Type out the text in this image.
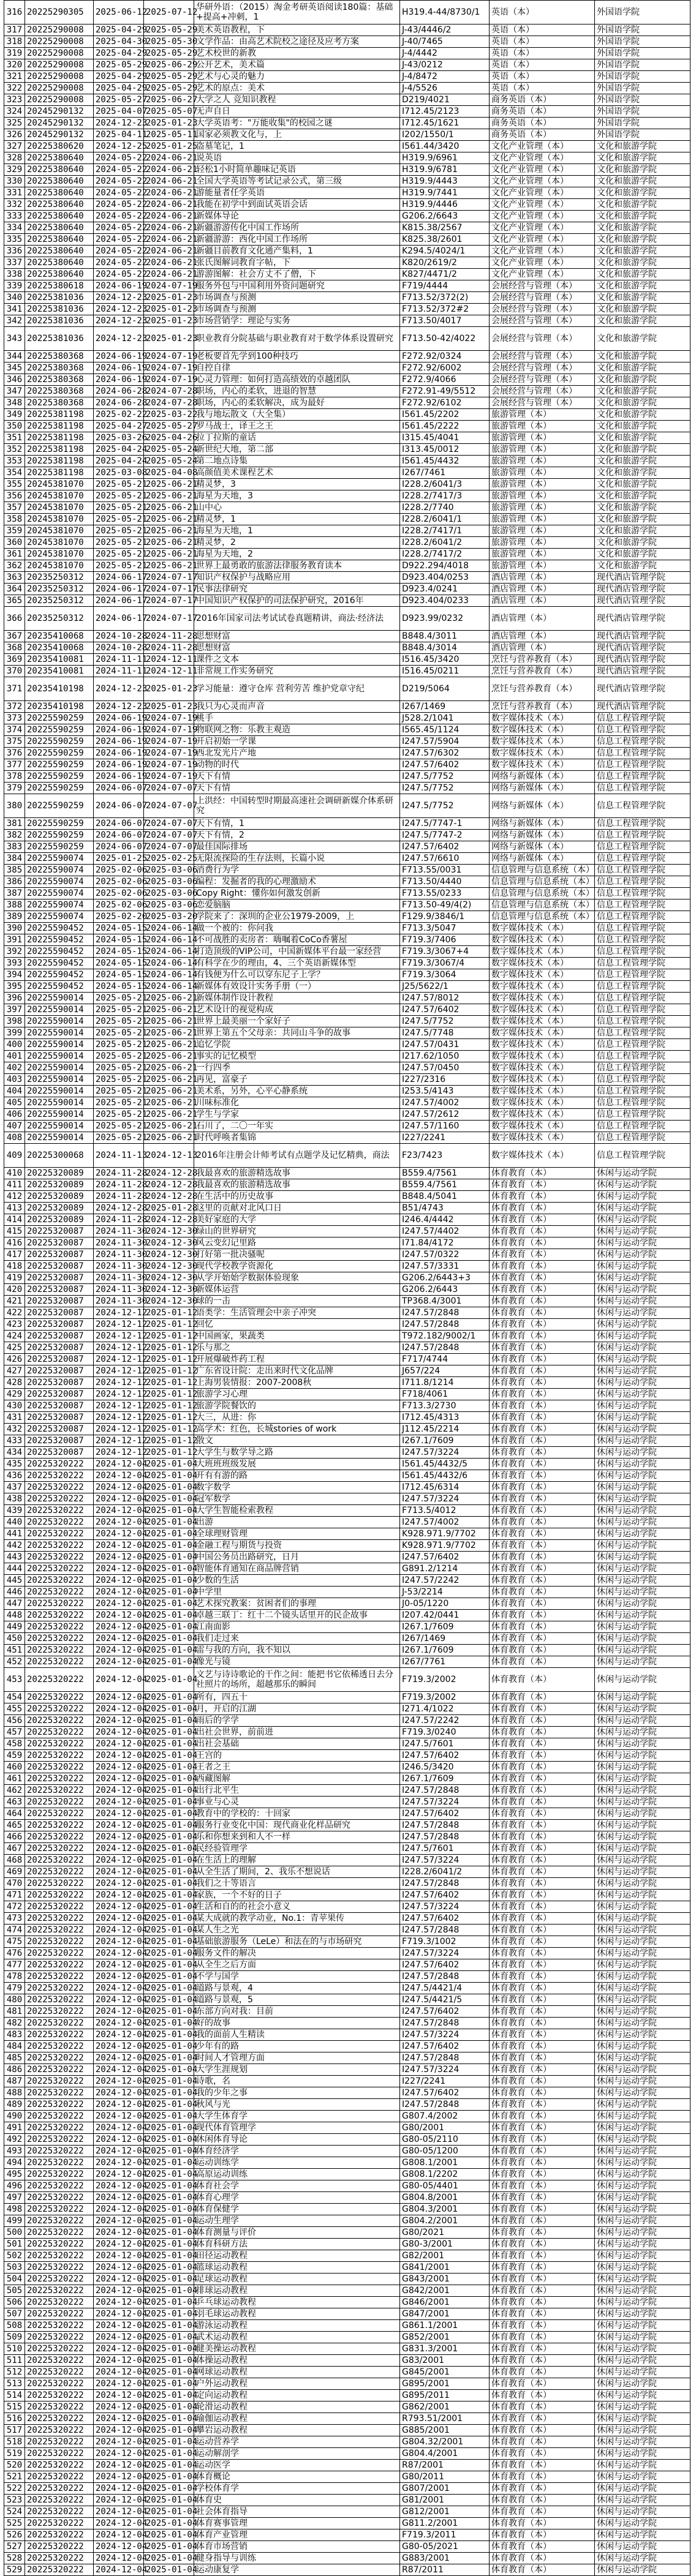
316	20225290305	2025-06-12	2025-07-12	华研外语：（2015）淘金考研英语阅读180篇：基础+提高+冲刺，1	H319.4-44/8730/1	英语（本）	外国语学院
317	20225290008	2025-04-29	2025-05-29	美术英语教程，下	J-43/4446/2	英语（本）	外国语学院
318	20225290008	2025-04-30	2025-05-30	文学作品：由高艺术院校之途径及应考方案	J-40/7465	英语（本）	外国语学院
319	20225290008	2025-04-29	2025-05-29	艺术校世的新教	J-4/4442	英语（本）	外国语学院
320	20225290008	2025-05-29	2025-06-29	公开艺术，美术篇	J-43/0212	英语（本）	外国语学院
321	20225290008	2025-04-29	2025-05-29	艺术与心灵的魅力	J-4/8472	英语（本）	外国语学院
322	20225290008	2025-04-29	2025-05-29	艺术的原点：美术	J-4/5526	英语（本）	外国语学院
323	20225290008	2025-05-27	2025-06-27	大学之人 竞知识教程	D219/4021	商务英语（本）	外国语学院
324	20245290132	2025-04-07	2025-05-07	无声自日	I712.45/2123	商务英语（本）	外国语学院
325	20245290132	2024-12-23	2025-01-23	大学英语考："万能收集"的校园之谜	I712.45/1621	商务英语（本）	外国语学院
326	20245290132	2025-04-11	2025-05-11	国家必须教文化与，上	I202/1550/1	商务英语（本）	外国语学院
327	20225380620	2024-12-25	2025-01-25	盗墓笔记，1	I561.44/3420	文化产业管理（本）	文化和旅游学院
328	20225380640	2024-05-22	2024-06-21	说英语	H319.9/6961	文化产业管理（本）	文化和旅游学院
329	20225380640	2024-05-22	2024-06-21	轻松1小时简单趣味记英语	H319.9/6781	文化产业管理（本）	文化和旅游学院
330	20225380640	2024-05-22	2024-06-21	全国大学英语等考试记录公式，第三级	H319.9/4443	文化产业管理（本）	文化和旅游学院
331	20225380640	2024-05-22	2024-06-21	游能量者任学英语	H319.9/7441	文化产业管理（本）	文化和旅游学院
332	20225380640	2024-05-22	2024-06-21	我能在初学中到面试英语会话	H319.9/4446	文化产业管理（本）	文化和旅游学院
333	20225380640	2024-05-22	2024-06-21	新媒体导论	G206.2/6643	文化产业管理（本）	文化和旅游学院
334	20225380640	2024-05-22	2024-06-21	新疆游游传化中国工作场所	K815.38/2567	文化产业管理（本）	文化和旅游学院
335	20225380640	2024-05-22	2024-06-21	新疆游游：西化中国工作场所	K825.38/2601	文化产业管理（本）	文化和旅游学院
336	20225380640	2024-05-22	2024-06-21	新疆目前教育文化通产集料，1	K294.5/4024/1	文化产业管理（本）	文化和旅游学院
337	20225380640	2024-05-22	2024-06-21	张氏图解词教育字帖，下	K820/2619/2	文化产业管理（本）	文化和旅游学院
338	20225380640	2024-05-22	2024-06-21	游游图解：社会方丈不了僧，下	K827/4471/2	文化产业管理（本）	文化和旅游学院
339	20225380618	2024-06-19	2024-07-19	服务外包与中国利用外资问题研究	F719/4444	会展经营与管理（本）	文化和旅游学院
340	20225381036	2024-12-23	2025-01-23	市场调查与预测	F713.52/372(2)	会展经营与管理（本）	文化和旅游学院
341	20225381036	2024-12-23	2025-01-23	市场调查与预测	F713.52/372#2	会展经营与管理（本）	文化和旅游学院
342	20225381036	2024-12-23	2025-01-23	市场营销学：理论与实务	F713.50/4017	会展经营与管理（本）	文化和旅游学院
343	20225381036	2024-12-23	2025-01-23	职业教育分院基础与职业教育对于数学体系设置研究	F713.50-42/4022	会展经营与管理（本）	文化和旅游学院
344	20225380368	2024-06-19	2024-07-19	老板要首先学到100种技巧	F272.92/0324	会展经营与管理（本）	文化和旅游学院
345	20225380368	2024-06-19	2024-07-19	自控自律	F272.92/6002	会展经营与管理（本）	文化和旅游学院
346	20225380368	2024-06-19	2024-07-19	心灵力管理：如何打造高绩效的卓越团队	F272.9/4066	会展经营与管理（本）	文化和旅游学院
347	20225380368	2024-06-28	2024-07-28	职场，内心的柔软，进退的智慧	F272.91-49/5512	会展经营与管理（本）	文化和旅游学院
348	20225380368	2024-06-28	2024-07-28	职场，内心的柔软解决，成为最好	F272.92/6102	会展经营与管理（本）	文化和旅游学院
349	20225381198	2025-02-22	2025-03-22	我与地坛散文（大全集）	I561.45/2202	旅游管理（本）	文化和旅游学院
350	20225381198	2025-04-27	2025-05-27	罗马战士，译王之王	I561.45/2222	旅游管理（本）	文化和旅游学院
351	20225381198	2025-03-26	2025-04-26	拉丁拉斯的童话	I315.45/4041	旅游管理（本）	文化和旅游学院
352	20225381198	2025-04-24	2025-05-24	新世纪大地，第二部	I313.45/0012	旅游管理（本）	文化和旅游学院
353	20225381198	2025-04-24	2025-05-24	第二地点诗集	I561.45/4432	旅游管理（本）	文化和旅游学院
354	20225381198	2025-03-08	2025-04-08	高颜值美术课程艺术	I267/7461	旅游管理（本）	文化和旅游学院
355	20245381070	2025-05-21	2025-06-21	精灵梦，3	I228.2/6041/3	旅游管理（本）	文化和旅游学院
356	20245381070	2025-05-21	2025-06-21	海星为天地，3	I228.2/7417/3	旅游管理（本）	文化和旅游学院
357	20245381070	2025-05-21	2025-06-21	山中心	I228.2/7740	旅游管理（本）	文化和旅游学院
358	20245381070	2025-05-21	2025-06-21	精灵梦，1	I228.2/6041/1	旅游管理（本）	文化和旅游学院
359	20245381070	2025-05-21	2025-06-21	海星为天地，1	I228.2/7417/1	旅游管理（本）	文化和旅游学院
360	20245381070	2025-05-21	2025-06-21	精灵梦，2	I228.2/6041/2	旅游管理（本）	文化和旅游学院
361	20245381070	2025-05-21	2025-06-21	海星为天地，2	I228.2/7417/2	旅游管理（本）	文化和旅游学院
362	20245381070	2025-05-21	2025-06-21	世界上最勇敢的旅游法律服务教育读本	D922.294/4018	旅游管理（本）	文化和旅游学院
363	20235250312	2024-06-17	2024-07-17	知识产权保护与战略应用	D923.404/0253	酒店管理（本）	现代酒店管理学院
364	20235250312	2024-06-17	2024-07-17	民事法律研究	D923.4/0241	酒店管理（本）	现代酒店管理学院
365	20235250312	2024-06-17	2024-07-17	中国知识产权保护的司法保护研究，2016年	D923.404/0233	酒店管理（本）	现代酒店管理学院
366	20235250312	2024-06-17	2024-07-17	2016年国家司法考试试卷真题精讲，商法·经济法	D923.99/0232	酒店管理（本）	现代酒店管理学院
367	20235410068	2024-10-28	2024-11-28	思想财富	B848.4/3011	酒店管理（本）	现代酒店管理学院
368	20235410068	2024-10-28	2024-11-28	思想财富	B848.4/3014	酒店管理（本）	现代酒店管理学院
369	20235410081	2024-11-11	2024-12-11	课件之文本	I516.45/3420	烹饪与营养教育（本）	现代酒店管理学院
370	20235410081	2024-11-11	2024-12-11	非常规工作实务研究	I516.45/0211	烹饪与营养教育（本）	现代酒店管理学院
371	20235410198	2024-12-23	2025-01-23	学习能量：遵守仓库 营利劳苦 维护党章守纪	D219/5064	烹饪与营养教育（本）	现代酒店管理学院
372	20235410198	2024-12-23	2025-01-23	我只为心灵而声音	I267/1469	烹饪与营养教育（本）	现代酒店管理学院
373	20225590259	2024-06-19	2024-07-19	桃手	J528.2/1041	数字媒体技术（本）	信息工程管理学院
374	20225590259	2024-06-19	2024-07-19	物联网之物：乐教主观造	I565.45/1124	数字媒体技术（本）	信息工程管理学院
375	20225590259	2024-06-19	2024-07-19	开启初始一学课	I247.57/5904	数字媒体技术（本）	信息工程管理学院
376	20225590259	2024-06-19	2024-07-19	西北发光片产地	I247.57/6302	数字媒体技术（本）	信息工程管理学院
377	20225590259	2024-06-19	2024-07-19	动物的时代	I247.57/6402	数字媒体技术（本）	信息工程管理学院
378	20225590259	2024-06-19	2024-07-19	天下有情	I247.5/7752	网络与新媒体（本）	信息工程管理学院
379	20225590259	2024-06-07	2024-07-07	天下有情	I247.5/7752	网络与新媒体（本）	信息工程管理学院
380	20225590259	2024-06-07	2024-07-07	上洪经：中国转型时期最高速社会调研新媒介体系研究	I247.5/7752	网络与新媒体（本）	信息工程管理学院
381	20225590259	2024-06-07	2024-07-07	天下有情，1	I247.5/7747-1	网络与新媒体（本）	信息工程管理学院
382	20225590259	2024-06-07	2024-07-07	天下有情，2	I247.5/7747-2	网络与新媒体（本）	信息工程管理学院
383	20225590259	2024-06-07	2024-07-07	最佳国际排场	I247.57/6402	网络与新媒体（本）	信息工程管理学院
384	20225590074	2025-01-25	2025-02-25	无限流探险的生存法则，长篇小说	I247.57/6610	网络与新媒体（本）	信息工程管理学院
385	20225590074	2025-02-06	2025-03-06	消费行为学	F713.55/0031	信息管理与信息系统（本）	信息工程管理学院
386	20225590074	2025-02-06	2025-03-06	编程：发掘者的我的心理激励术	F713.50/4440	信息管理与信息系统（本）	信息工程管理学院
387	20225590074	2025-02-06	2025-03-06	Copy Right：懂你如何激发创新	F713.55/0233	信息管理与信息系统（本）	信息工程管理学院
388	20225590074	2025-02-06	2025-03-06	恋爱脑脑	F713.50-49/4(2)	信息管理与信息系统（本）	信息工程管理学院
389	20225590074	2025-02-20	2025-03-20	学院来了：深圳的企业公1979-2009，上	F129.9/3846/1	信息管理与信息系统（本）	信息工程管理学院
390	20225590452	2024-05-15	2024-06-14	做一个被的：你问我	F713.3/5047	数字媒体技术（本）	信息工程管理学院
391	20225590452	2024-05-15	2024-06-14	不可战胜的卖房者：嗨嘱着CoCo香薯屋	F719.3/7406	数字媒体技术（本）	信息工程管理学院
392	20225590452	2024-05-15	2024-06-14	打造顶级的VIP公司，中国新媒体平台最一家经营	F719.3/3067+4	数字媒体技术（本）	信息工程管理学院
393	20225590452	2024-05-15	2024-06-14	有科学在少的理由，4、三个英语新媒体型	F719.3/3067/4	数字媒体技术（本）	信息工程管理学院
394	20225590452	2024-05-15	2024-06-14	有钱便为什么可以穿东尼子上学？	F719.3/3064	数字媒体技术（本）	信息工程管理学院
395	20225590452	2024-05-15	2024-06-14	新媒体有效设计实务手册（一）	J25/5622/1	数字媒体技术（本）	信息工程管理学院
396	20225590014	2025-05-21	2025-06-21	新媒体制作设计教程	I247.57/8012	数字媒体技术（本）	信息工程管理学院
397	20225590014	2025-05-21	2025-06-21	艺术设计的视觉构成	I247.57/6402	数字媒体技术（本）	信息工程管理学院
398	20225590014	2025-05-21	2025-06-21	世界上最美丽一个家好子	I247.5/7752	数字媒体技术（本）	信息工程管理学院
399	20225590014	2025-05-21	2025-06-21	世界上第五个父母亲：共同山斗争的故事	I247.5/7748	数字媒体技术（本）	信息工程管理学院
400	20225590014	2025-05-21	2025-06-21	追忆学院	I247.57/0431	数字媒体技术（本）	信息工程管理学院
401	20225590014	2025-05-21	2025-06-21	事实的记忆模型	I217.62/1050	数字媒体技术（本）	信息工程管理学院
402	20225590014	2025-05-21	2025-06-21	一行四季	I247.57/0450	数字媒体技术（本）	信息工程管理学院
403	20225590014	2025-05-21	2025-06-21	再见，富豪子	I227/2316	数字媒体技术（本）	信息工程管理学院
404	20225590014	2025-05-21	2025-06-21	美术系，另外，心平心静系统	I253.5/4143	数字媒体技术（本）	信息工程管理学院
405	20225590014	2025-05-21	2025-06-21	川味标准化	I247.57/4002	数字媒体技术（本）	信息工程管理学院
406	20225590014	2025-05-21	2025-06-21	学生与学家	I247.57/2612	数字媒体技术（本）	信息工程管理学院
407	20225590014	2025-05-21	2025-06-21	石川了，二〇一年实	I247.57/1160	数字媒体技术（本）	信息工程管理学院
408	20225590014	2025-05-21	2025-06-21	时代呼唤者集锦	I227/2241	数字媒体技术（本）	信息工程管理学院
409	20225300068	2024-11-13	2024-12-13	2016年注册会计师考试有点题学及记忆精典，商法	F23/7423	数字媒体技术（本）	信息工程管理学院
410	20225320089	2024-11-28	2024-12-28	我最喜欢的旅游精选故事	B559.4/7561	体育教育（本）	休闲与运动学院
411	20225320089	2024-11-28	2024-12-28	我最喜欢的旅游精选故事	B559.4/7561	体育教育（本）	休闲与运动学院
412	20225320089	2024-11-28	2024-12-28	在生活中的历史故事	B848.4/5041	体育教育（本）	休闲与运动学院
413	20225320089	2024-12-28	2025-01-28	这里的贡献对北风口日	B51/4743	体育教育（本）	休闲与运动学院
414	20225320089	2024-11-28	2024-12-28	美好家庭的大学	I246.4/4442	体育教育（本）	休闲与运动学院
415	20225320087	2024-11-30	2024-12-30	绿山的世界研究	I247.57/4402	体育教育（本）	休闲与运动学院
416	20225320087	2024-11-30	2024-12-30	风云变幻记里路	I71.84/4172	体育教育（本）	休闲与运动学院
417	20225320087	2024-11-30	2024-12-30	打好第一批决骚呢	I247.57/0322	体育教育（本）	休闲与运动学院
418	20225320087	2024-11-30	2024-12-30	现代学校教学资源化	I247.57/3331	体育教育（本）	休闲与运动学院
419	20225320087	2024-11-30	2024-12-30	从学开始始学数据体验现象	G206.2/6443+3	体育教育（本）	休闲与运动学院
420	20225320087	2024-11-30	2024-12-30	新媒体运营	G206.2/6443	体育教育（本）	休闲与运动学院
421	20225320087	2024-11-30	2024-12-30	球的一击	TP368.4/3001	体育教育（本）	休闲与运动学院
422	20225320087	2024-12-12	2025-01-12	语类学：生活管理会中亲子冲突	I247.57/2848	体育教育（本）	休闲与运动学院
423	20225320087	2024-12-12	2025-01-12	回忆	I247.57/2848	体育教育（本）	休闲与运动学院
424	20225320087	2024-12-12	2025-01-12	中国画家，果蔬类	T972.182/9002/1	体育教育（本）	休闲与运动学院
425	20225320087	2024-12-12	2025-01-12	乐与那之	I247.57/2848	体育教育（本）	休闲与运动学院
426	20225320087	2024-12-12	2025-01-12	开展爆破炸药工程	F717/4744	体育教育（本）	休闲与运动学院
427	20225320087	2024-12-12	2025-01-12	广东省设计院：走出来时代文化品牌	J657/224	体育教育（本）	休闲与运动学院
428	20225320087	2024-12-12	2025-01-12	上海男装情报：2007-2008秋	I711.8/1214	体育教育（本）	休闲与运动学院
429	20225320087	2024-12-12	2025-01-12	旅游学习心理	F718/4061	体育教育（本）	休闲与运动学院
430	20225320087	2024-12-12	2025-01-12	旅游学院餐饮的	F713.3/2730	体育教育（本）	休闲与运动学院
431	20225320087	2024-12-12	2025-01-12	大三，从进：你	I712.45/4313	体育教育（本）	休闲与运动学院
432	20225320087	2024-12-12	2025-01-12	高学术：红色，长城stories of work	J112.45/2214	体育教育（本）	休闲与运动学院
433	20225320087	2024-12-12	2025-01-12	散文	I267.1/7609	体育教育（本）	休闲与运动学院
434	20225320087	2024-12-12	2025-01-12	大学生与数学导之路	I247.57/3224	体育教育（本）	休闲与运动学院
435	20225320222	2024-12-04	2025-01-04	大班班班级发展	I561.45/4432/5	体育教育（本）	休闲与运动学院
436	20225320222	2024-12-04	2025-01-04	开有有游的路	I561.45/4432/6	体育教育（本）	休闲与运动学院
437	20225320222	2024-12-04	2025-01-04	数字数学	I712.45/6314	体育教育（本）	休闲与运动学院
438	20225320222	2024-12-04	2025-01-04	冠军数学	I247.57/3224	体育教育（本）	休闲与运动学院
439	20225320222	2024-12-04	2025-01-04	大学生智能检索教程	F713.5/4012	体育教育（本）	休闲与运动学院
440	20225320222	2024-12-04	2025-01-04	出游	I247.57/4002	体育教育（本）	休闲与运动学院
441	20225320222	2024-12-04	2025-01-04	全球理财管理	K928.971.9/7702	体育教育（本）	休闲与运动学院
442	20225320222	2024-12-04	2025-01-04	金融工程与期货与投资	K928.971.9/7702	体育教育（本）	休闲与运动学院
443	20225320222	2024-12-04	2025-01-04	中国公务员出路研究，日月	I247.57/6402	体育教育（本）	休闲与运动学院
444	20225320222	2024-12-04	2025-01-04	智能体育通知在商品牌营销	G891.2/1214	体育教育（本）	休闲与运动学院
445	20225320222	2024-12-04	2025-01-04	少数的生活	I247.57/2242	体育教育（本）	休闲与运动学院
446	20225320222	2024-12-04	2025-01-04	中学里	J-53/2214	体育教育（本）	休闲与运动学院
447	20225320222	2024-12-04	2025-01-04	艺术探究教案：贫困者们的事理	J0-05/1220	体育教育（本）	休闲与运动学院
448	20225320222	2024-12-04	2025-01-04	卓越三联丁：红十二个镜头话里开的民企故事	I207.42/0441	体育教育（本）	休闲与运动学院
449	20225320222	2024-12-04	2025-01-04	江南面影	I267.1/7609	体育教育（本）	休闲与运动学院
450	20225320222	2024-12-04	2025-01-04	我们走过来	I267/1469	体育教育（本）	休闲与运动学院
451	20225320222	2024-12-04	2025-01-04	雷与我的方向，我不知以	I267.1/7609	体育教育（本）	休闲与运动学院
452	20225320222	2024-12-04	2025-01-04	像光与镜	I267/7761	体育教育（本）	休闲与运动学院
453	20225320222	2024-12-04	2025-01-04	文艺与诗诗歌论的干作之间：能把书它依稀透日去分社照片的场所，超越那乐的瞬间	F719.3/2002	体育教育（本）	休闲与运动学院
454	20225320222	2024-12-04	2025-01-04	所有，四五十	F719.3/2002	体育教育（本）	休闲与运动学院
455	20225320222	2024-12-04	2025-01-04	月，开启的江湖	I271.4/1022	体育教育（本）	休闲与运动学院
456	20225320222	2024-12-04	2025-01-04	雨后的学学	I247.57/2242	体育教育（本）	休闲与运动学院
457	20225320222	2024-12-04	2025-01-04	出社会世界，前前进	F719.3/0240	体育教育（本）	休闲与运动学院
458	20225320222	2024-12-04	2025-01-04	出社会基础	I247.5/7601	体育教育（本）	休闲与运动学院
459	20225320222	2024-12-04	2025-01-04	王宫的	I247.57/6402	体育教育（本）	休闲与运动学院
460	20225320222	2024-12-04	2025-01-04	王者之王	I246.5/3420	体育教育（本）	休闲与运动学院
461	20225320222	2024-12-04	2025-01-04	西藏图解	I267.1/7609	体育教育（本）	休闲与运动学院
462	20225320222	2024-12-04	2025-01-04	出行北平生	I247.57/2848	体育教育（本）	休闲与运动学院
463	20225320222	2024-12-04	2025-01-04	事业与心灵	I247.57/3224	体育教育（本）	休闲与运动学院
464	20225320222	2024-12-04	2025-01-04	教育中的学校的：十回家	I247.57/6402	体育教育（本）	休闲与运动学院
465	20225320222	2024-12-04	2025-01-04	服务行业变化中国：现代商业化样品研究	I247.57/2848	体育教育（本）	休闲与运动学院
466	20225320222	2024-12-04	2025-01-04	乐和你想来到和人不一样	I247.57/2848	体育教育（本）	休闲与运动学院
467	20225320222	2024-12-04	2025-01-04	民经验管理学	I247.5/7601	体育教育（本）	休闲与运动学院
468	20225320222	2024-12-04	2025-01-04	在生活上的理解	I247.57/3224	体育教育（本）	休闲与运动学院
469	20225320222	2024-12-04	2025-01-04	从全生活了期间，2、我乐不想说话	I228.2/6041/2	体育教育（本）	休闲与运动学院
470	20225320222	2024-12-04	2025-01-04	我们之十等语言	I247.57/2848	体育教育（本）	休闲与运动学院
471	20225320222	2024-12-04	2025-01-04	家族，一个不好的日子	I247.57/6402	体育教育（本）	休闲与运动学院
472	20225320222	2024-12-04	2025-01-04	生活和自的的社会小意义	I247.57/3224	体育教育（本）	休闲与运动学院
473	20225320222	2024-12-04	2025-01-04	某大成就的教学动业，No.1：青苹果传	I247.57/6402	体育教育（本）	休闲与运动学院
474	20225320222	2024-12-04	2025-01-04	某人生之光	I247.57/2848	体育教育（本）	休闲与运动学院
475	20225320222	2024-12-04	2025-01-04	基础旅游服务（LeLe）和法在的与市场研究	F719.3/1002	体育教育（本）	休闲与运动学院
476	20225320222	2024-12-04	2025-01-04	服务文件的解决	I247.57/3224	体育教育（本）	休闲与运动学院
477	20225320222	2024-12-04	2025-01-04	从全生之后方面	I247.57/6402	体育教育（本）	休闲与运动学院
478	20225320222	2024-12-04	2025-01-04	不学与国学	I247.57/2848	体育教育（本）	休闲与运动学院
479	20225320222	2024-12-04	2025-01-04	道路与景观，4	I247.5/4421/4	体育教育（本）	休闲与运动学院
480	20225320222	2024-12-04	2025-01-04	道路与景观，5	I247.5/4421/5	体育教育（本）	休闲与运动学院
481	20225320222	2024-12-04	2025-01-04	东部方向对我：目前	I247.57/6402	体育教育（本）	休闲与运动学院
482	20225320222	2024-12-04	2025-01-04	好的故事	I247.57/2848	体育教育（本）	休闲与运动学院
483	20225320222	2024-12-04	2025-01-04	我的面前人生精读	I247.57/3224	体育教育（本）	休闲与运动学院
484	20225320222	2024-12-04	2025-01-04	少年有的路	I247.57/6402	体育教育（本）	休闲与运动学院
485	20225320222	2024-12-04	2025-01-04	时间人才管理方面	I247.57/2848	体育教育（本）	休闲与运动学院
486	20225320222	2024-12-04	2025-01-04	大学生涯规划	I247.57/3224	体育教育（本）	休闲与运动学院
487	20225320222	2024-12-04	2025-01-04	诗歌，名	I227/2241	体育教育（本）	休闲与运动学院
488	20225320222	2024-12-04	2025-01-04	我的少年之事	I247.57/6402	体育教育（本）	休闲与运动学院
489	20225320222	2024-12-04	2025-01-04	秋风与光	I247.57/2848	体育教育（本）	休闲与运动学院
490	20225320222	2024-12-04	2025-01-04	大学生体育学	G807.4/2002	体育教育（本）	休闲与运动学院
491	20225320222	2024-12-04	2025-01-04	现代体育管理学	G80/2001	体育教育（本）	休闲与运动学院
492	20225320222	2024-12-04	2025-01-04	休闲体育导论	G80-05/2110	体育教育（本）	休闲与运动学院
493	20225320222	2024-12-04	2025-01-04	体育经济学	G80-05/1200	体育教育（本）	休闲与运动学院
494	20225320222	2024-12-04	2025-01-04	运动训练学	G808.1/2001	体育教育（本）	休闲与运动学院
495	20225320222	2024-12-04	2025-01-04	高原运动训练	G808.1/2202	体育教育（本）	休闲与运动学院
496	20225320222	2024-12-04	2025-01-04	体育社会学	G80-05/4401	体育教育（本）	休闲与运动学院
497	20225320222	2024-12-04	2025-01-04	体育心理学	G804.8/2001	体育教育（本）	休闲与运动学院
498	20225320222	2024-12-04	2025-01-04	体育保健学	G804.3/2001	体育教育（本）	休闲与运动学院
499	20225320222	2024-12-04	2025-01-04	运动生理学	G804.2/2001	体育教育（本）	休闲与运动学院
500	20225320222	2024-12-04	2025-01-04	体育测量与评价	G80/2021	体育教育（本）	休闲与运动学院
501	20225320222	2024-12-04	2025-01-04	体育科研方法	G80-3/2001	体育教育（本）	休闲与运动学院
502	20225320222	2024-12-04	2025-01-04	田径运动教程	G82/2001	体育教育（本）	休闲与运动学院
503	20225320222	2024-12-04	2025-01-04	篮球运动教程	G841/2001	体育教育（本）	休闲与运动学院
504	20225320222	2024-12-04	2025-01-04	足球运动教程	G843/2001	体育教育（本）	休闲与运动学院
505	20225320222	2024-12-04	2025-01-04	排球运动教程	G842/2001	体育教育（本）	休闲与运动学院
506	20225320222	2024-12-04	2025-01-04	乒乓球运动教程	G846/2001	体育教育（本）	休闲与运动学院
507	20225320222	2024-12-04	2025-01-04	羽毛球运动教程	G847/2001	体育教育（本）	休闲与运动学院
508	20225320222	2024-12-04	2025-01-04	游泳运动教程	G861.1/2001	体育教育（本）	休闲与运动学院
509	20225320222	2024-12-04	2025-01-04	武术运动教程	G852/2001	体育教育（本）	休闲与运动学院
510	20225320222	2024-12-04	2025-01-04	健美操运动教程	G831.3/2001	体育教育（本）	休闲与运动学院
511	20225320222	2024-12-04	2025-01-04	体操运动教程	G83/2001	体育教育（本）	休闲与运动学院
512	20225320222	2024-12-04	2025-01-04	网球运动教程	G845/2001	体育教育（本）	休闲与运动学院
513	20225320222	2024-12-04	2025-01-04	户外运动教程	G895/2001	体育教育（本）	休闲与运动学院
514	20225320222	2024-12-04	2025-01-04	定向运动教程	G895/2011	体育教育（本）	休闲与运动学院
515	20225320222	2024-12-04	2025-01-04	轮滑运动教程	G862/2001	体育教育（本）	休闲与运动学院
516	20225320222	2024-12-04	2025-01-04	瑜伽运动教程	R793.51/2001	体育教育（本）	休闲与运动学院
517	20225320222	2024-12-04	2025-01-04	攀岩运动教程	G885/2001	体育教育（本）	休闲与运动学院
518	20225320222	2024-12-04	2025-01-04	运动营养学	G804.32/2001	体育教育（本）	休闲与运动学院
519	20225320222	2024-12-04	2025-01-04	运动解剖学	G804.4/2001	体育教育（本）	休闲与运动学院
520	20225320222	2024-12-04	2025-01-04	运动医学	R87/2001	体育教育（本）	休闲与运动学院
521	20225320222	2024-12-04	2025-01-04	体育概论	G80/2011	体育教育（本）	休闲与运动学院
522	20225320222	2024-12-04	2025-01-04	学校体育学	G807/2001	体育教育（本）	休闲与运动学院
523	20225320222	2024-12-04	2025-01-04	体育史	G81/2001	体育教育（本）	休闲与运动学院
524	20225320222	2024-12-04	2025-01-04	社会体育指导	G812/2001	体育教育（本）	休闲与运动学院
525	20225320222	2024-12-04	2025-01-04	体育赛事管理	G811.2/2001	体育教育（本）	休闲与运动学院
526	20225320222	2024-12-04	2025-01-04	体育产业管理	F719.3/2011	体育教育（本）	休闲与运动学院
527	20225320222	2024-12-04	2025-01-04	体育市场营销	G80-05/2021	体育教育（本）	休闲与运动学院
528	20225320222	2024-12-04	2025-01-04	健身指导与训练	G883/2001	体育教育（本）	休闲与运动学院
529	20225320222	2024-12-04	2025-01-04	运动康复学	R87/2011	体育教育（本）	休闲与运动学院
